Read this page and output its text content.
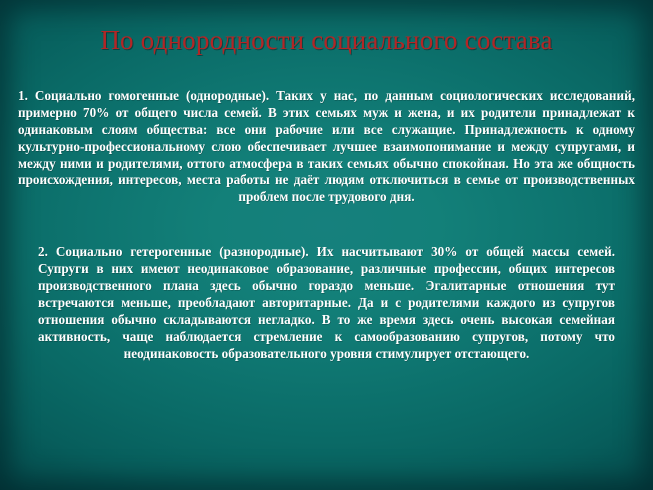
По однородности социального состава

1. Социально гомогенные (однородные). Таких у нас, по данным социологических исследований, примерно 70% от общего числа семей. В этих семьях муж и жена, и их родители принадлежат к одинаковым слоям общества: все они рабочие или все служащие. Принадлежность к одному культурно-профессиональному слою обеспечивает лучшее взаимопонимание и между супругами, и между ними и родителями, оттого атмосфера в таких семьях обычно спокойная. Но эта же общность происхождения, интересов, места работы не даёт людям отключиться в семье от производственных проблем после трудового дня.

2. Социально гетерогенные (разнородные). Их насчитывают 30% от общей массы семей. Супруги в них имеют неодинаковое образование, различные профессии, общих интересов производственного плана здесь обычно гораздо меньше. Эгалитарные отношения тут встречаются меньше, преобладают авторитарные. Да и с родителями каждого из супругов отношения обычно складываются негладко. В то же время здесь очень высокая семейная активность, чаще наблюдается стремление к самообразованию супругов, потому что неодинаковость образовательного уровня стимулирует отстающего.
